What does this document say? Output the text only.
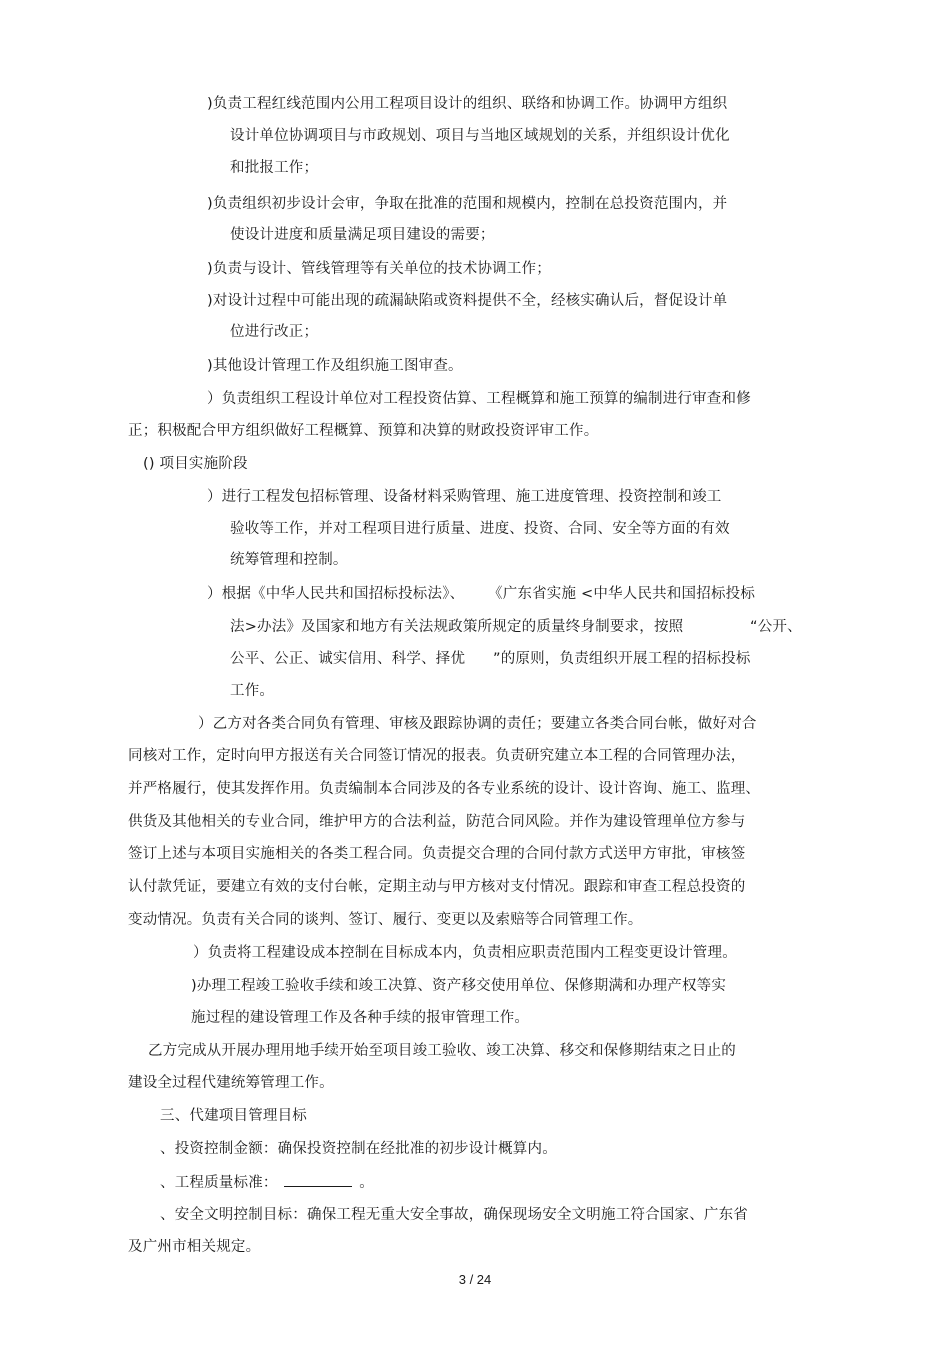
)负责工程红线范围内公用工程项目设计的组织、联络和协调工作。协调甲方组织
设计单位协调项目与市政规划、项目与当地区域规划的关系，并组织设计优化
和批报工作；
)负责组织初步设计会审，争取在批准的范围和规模内，控制在总投资范围内，并
使设计进度和质量满足项目建设的需要；
)负责与设计、管线管理等有关单位的技术协调工作；
)对设计过程中可能出现的疏漏缺陷或资料提供不全，经核实确认后，督促设计单
位进行改正；
)其他设计管理工作及组织施工图审查。
）负责组织工程设计单位对工程投资估算、工程概算和施工预算的编制进行审查和修
正；积极配合甲方组织做好工程概算、预算和决算的财政投资评审工作。
() 项目实施阶段
）进行工程发包招标管理、设备材料采购管理、施工进度管理、投资控制和竣工
验收等工作，并对工程项目进行质量、进度、投资、合同、安全等方面的有效
统筹管理和控制。
）根据《中华人民共和国招标投标法》、 《广东省实施 <中华人民共和国招标投标
法>办法》及国家和地方有关法规政策所规定的质量终身制要求，按照	“公开、
公平、公正、诚实信用、科学、择优 ”的原则，负责组织开展工程的招标投标
工作。
）乙方对各类合同负有管理、审核及跟踪协调的责任；要建立各类合同台帐，做好对合
同核对工作，定时向甲方报送有关合同签订情况的报表。负责研究建立本工程的合同管理办法，
并严格履行，使其发挥作用。负责编制本合同涉及的各专业系统的设计、设计咨询、施工、监理、
供货及其他相关的专业合同，维护甲方的合法利益，防范合同风险。并作为建设管理单位方参与
签订上述与本项目实施相关的各类工程合同。负责提交合理的合同付款方式送甲方审批，审核签
认付款凭证，要建立有效的支付台帐，定期主动与甲方核对支付情况。跟踪和审查工程总投资的
变动情况。负责有关合同的谈判、签订、履行、变更以及索赔等合同管理工作。
）负责将工程建设成本控制在目标成本内，负责相应职责范围内工程变更设计管理。
)办理工程竣工验收手续和竣工决算、资产移交使用单位、保修期满和办理产权等实
施过程的建设管理工作及各种手续的报审管理工作。
乙方完成从开展办理用地手续开始至项目竣工验收、竣工决算、移交和保修期结束之日止的
建设全过程代建统筹管理工作。
三、代建项目管理目标
、投资控制金额：确保投资控制在经批准的初步设计概算内。
、工程质量标准：	。
、安全文明控制目标：确保工程无重大安全事故，确保现场安全文明施工符合国家、广东省
及广州市相关规定。
3 / 24
